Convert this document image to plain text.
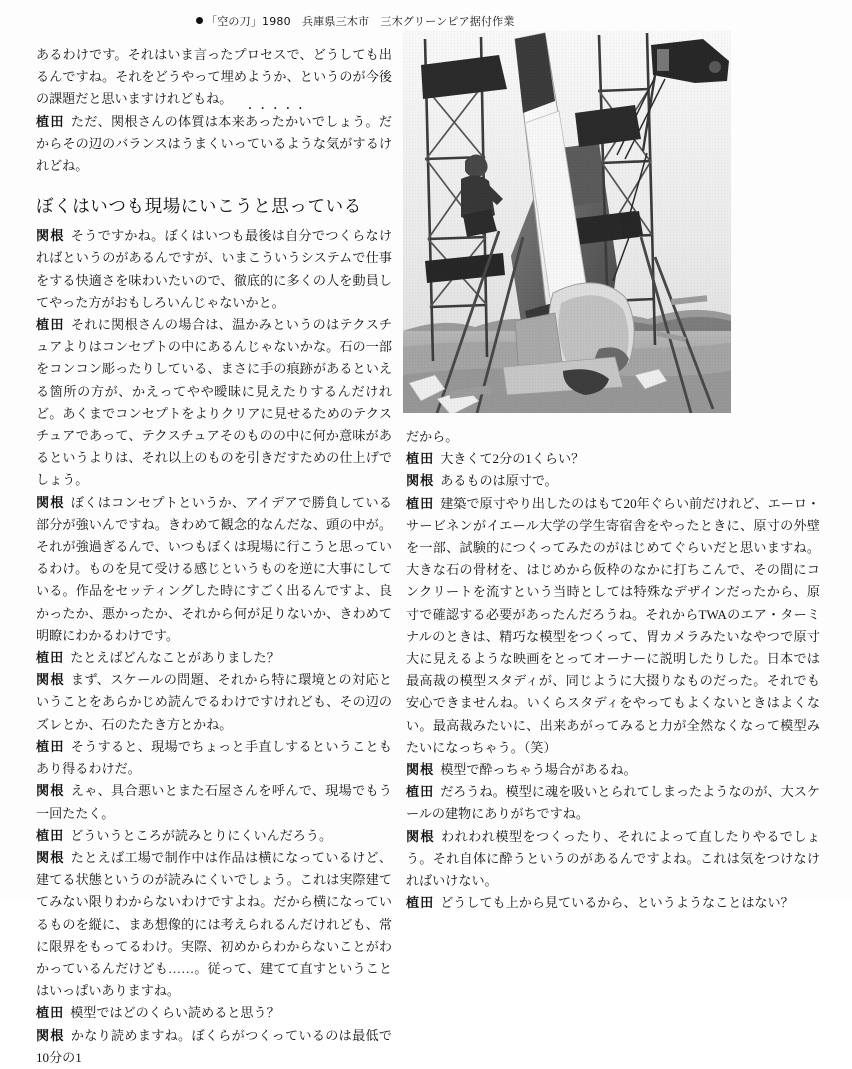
「空の刀」1980　兵庫県三木市　三木グリーンピア据付作業

あるわけです。それはいま言ったプロセスで、どうしても出るんですね。それをどうやって埋めようか、というのが今後の課題だと思いますけれどもね。

植田 ただ、関根さんの体質は本来・・・・・ あったかいでしょう。だからその辺のバランスはうまくいっているような気がするけれどね。

ぼくはいつも現場にいこうと思っている

関根 そうですかね。ぼくはいつも最後は自分でつくらなければというのがあるんですが、いまこういうシステムで仕事をする快適さを味わいたいので、徹底的に多くの人を動員してやった方がおもしろいんじゃないかと。

植田 それに関根さんの場合は、温かみというのはテクスチュアよりはコンセプトの中にあるんじゃないかな。石の一部をコンコン彫ったりしている、まさに手の痕跡があるといえる箇所の方が、かえってやや曖昧に見えたりするんだけれど。あくまでコンセプトをよりクリアに見せるためのテクスチュアであって、テクスチュアそのものの中に何か意味があるというよりは、それ以上のものを引きだすための仕上げでしょう。

関根 ぼくはコンセプトというか、アイデアで勝負している部分が強いんですね。きわめて観念的なんだな、頭の中が。それが強過ぎるんで、いつもぼくは現場に行こうと思っているわけ。ものを見て受ける感じというものを逆に大事にしている。作品をセッティングした時にすごく出るんですよ、良かったか、悪かったか、それから何が足りないか、きわめて明瞭にわかるわけです。

植田 たとえばどんなことがありました？

関根 まず、スケールの問題、それから特に環境との対応ということをあらかじめ読んでるわけですけれども、その辺のズレとか、石のたたき方とかね。

植田 そうすると、現場でちょっと手直しするということもあり得るわけだ。

関根 えゃ、具合悪いとまた石屋さんを呼んで、現場でもう一回たたく。

植田 どういうところが読みとりにくいんだろう。

関根 たとえば工場で制作中は作品は横になっているけど、建てる状態というのが読みにくいでしょう。これは実際建ててみない限りわからないわけですよね。だから横になっているものを縦に、まあ想像的には考えられるんだけれども、常に限界をもってるわけ。実際、初めからわからないことがわかっているんだけども……。従って、建てて直すということはいっぱいありますね。

植田 模型ではどのくらい読めると思う？

関根 かなり読めますね。ぼくらがつくっているのは最低で10分の1

だから。

植田 大きくて2分の1くらい？

関根 あるものは原寸で。

植田 建築で原寸やり出したのはもて20年ぐらい前だけれど、エーロ・サービネンがイエール大学の学生寄宿舎をやったときに、原寸の外壁を一部、試験的につくってみたのがはじめてぐらいだと思いますね。大きな石の骨材を、はじめから仮枠のなかに打ちこんで、その間にコンクリートを流すという当時としては特殊なデザインだったから、原寸で確認する必要があったんだろうね。それからTWAのエア・ターミナルのときは、精巧な模型をつくって、胃カメラみたいなやつで原寸大に見えるような映画をとってオーナーに説明したりした。日本では最高裁の模型スタディが、同じように大掇りなものだった。それでも安心できませんね。いくらスタディをやってもよくないときはよくない。最高裁みたいに、出来あがってみると力が全然なくなって模型みたいになっちゃう。（笑）

関根 模型で酔っちゃう場合があるね。

植田 だろうね。模型に魂を吸いとられてしまったようなのが、大スケールの建物にありがちですね。

関根 われわれ模型をつくったり、それによって直したりやるでしょう。それ自体に酔うというのがあるんですよね。これは気をつけなければいけない。

植田 どうしても上から見ているから、というようなことはない？
